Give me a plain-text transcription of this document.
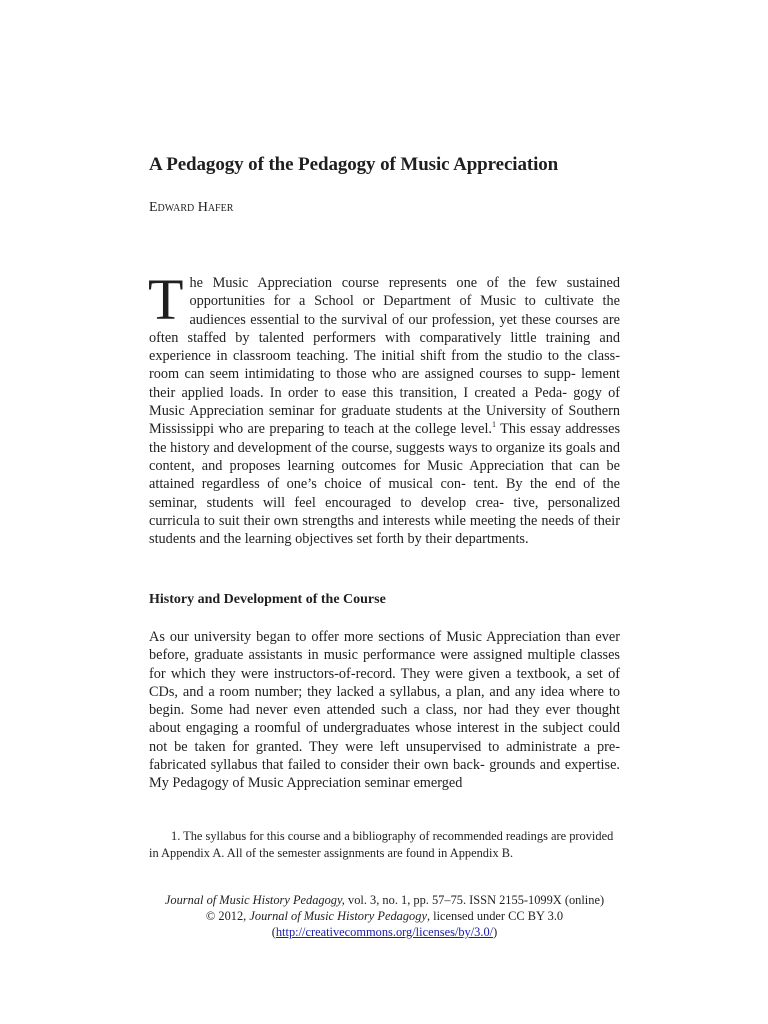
A Pedagogy of the Pedagogy of Music Appreciation

Edward Hafer

The Music Appreciation course represents one of the few sustained opportunities for a School or Department of Music to cultivate the audiences essential to the survival of our profession, yet these courses are often staffed by talented performers with comparatively little training and experience in classroom teaching. The initial shift from the studio to the class- room can seem intimidating to those who are assigned courses to supp- lement their applied loads. In order to ease this transition, I created a Peda- gogy of Music Appreciation seminar for graduate students at the University of Southern Mississippi who are preparing to teach at the college level.$^1$ This essay addresses the history and development of the course, suggests ways to organize its goals and content, and proposes learning outcomes for Music Appreciation that can be attained regardless of one’s choice of musical con- tent. By the end of the seminar, students will feel encouraged to develop crea- tive, personalized curricula to suit their own strengths and interests while meeting the needs of their students and the learning objectives set forth by their departments.

History and Development of the Course

As our university began to offer more sections of Music Appreciation than ever before, graduate assistants in music performance were assigned multiple classes for which they were instructors-of-record. They were given a textbook, a set of CDs, and a room number; they lacked a syllabus, a plan, and any idea where to begin. Some had never even attended such a class, nor had they ever thought about engaging a roomful of undergraduates whose interest in the subject could not be taken for granted. They were left unsupervised to administrate a pre-fabricated syllabus that failed to consider their own back- grounds and expertise. My Pedagogy of Music Appreciation seminar emerged

1. The syllabus for this course and a bibliography of recommended readings are provided
in Appendix A. All of the semester assignments are found in Appendix B.

Journal of Music History Pedagogy, vol. 3, no. 1, pp. 57–75. ISSN 2155-1099X (online)
© 2012, Journal of Music History Pedagogy, licensed under CC BY 3.0
(http://creativecommons.org/licenses/by/3.0/)
